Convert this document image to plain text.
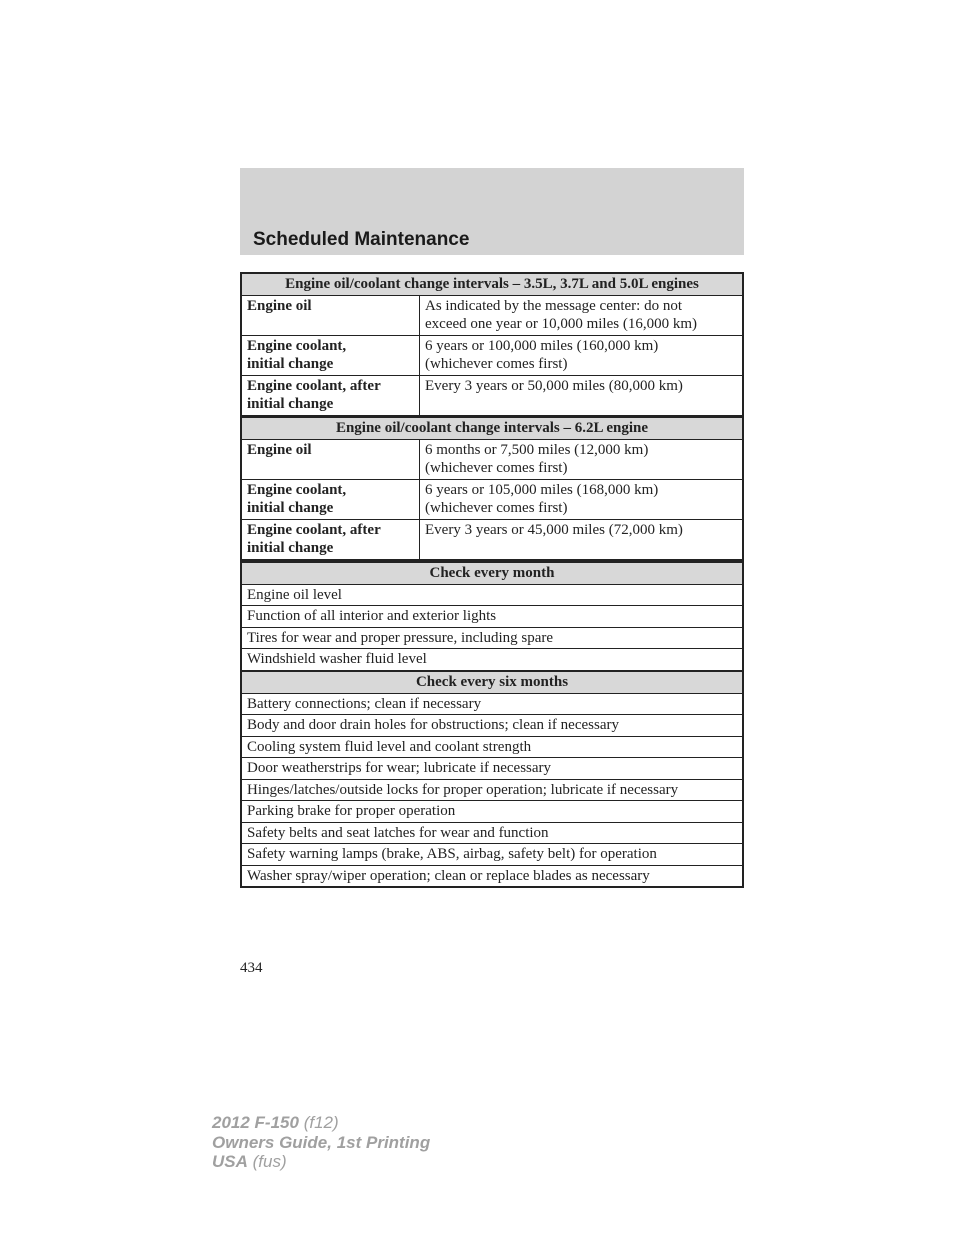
Scheduled Maintenance
Engine oil/coolant change intervals – 3.5L, 3.7L and 5.0L engines	

Engine oil	As indicated by the message center: do not
exceed one year or 10,000 miles (16,000 km)

Engine coolant,
initial change	6 years or 100,000 miles (160,000 km)
(whichever comes first)

Engine coolant, after
initial change	Every 3 years or 50,000 miles (80,000 km)
Engine oil/coolant change intervals – 6.2L engine	

Engine oil	6 months or 7,500 miles (12,000 km)
(whichever comes first)

Engine coolant,
initial change	6 years or 105,000 miles (168,000 km)
(whichever comes first)

Engine coolant, after
initial change	Every 3 years or 45,000 miles (72,000 km)
Check every month
Engine oil level
Function of all interior and exterior lights
Tires for wear and proper pressure, including spare
Windshield washer fluid level
Check every six months
Battery connections; clean if necessary
Body and door drain holes for obstructions; clean if necessary
Cooling system fluid level and coolant strength
Door weatherstrips for wear; lubricate if necessary
Hinges/latches/outside locks for proper operation; lubricate if necessary
Parking brake for proper operation
Safety belts and seat latches for wear and function
Safety warning lamps (brake, ABS, airbag, safety belt) for operation
Washer spray/wiper operation; clean or replace blades as necessary
434
2012 F-150 (f12)
Owners Guide, 1st Printing
USA (fus)
